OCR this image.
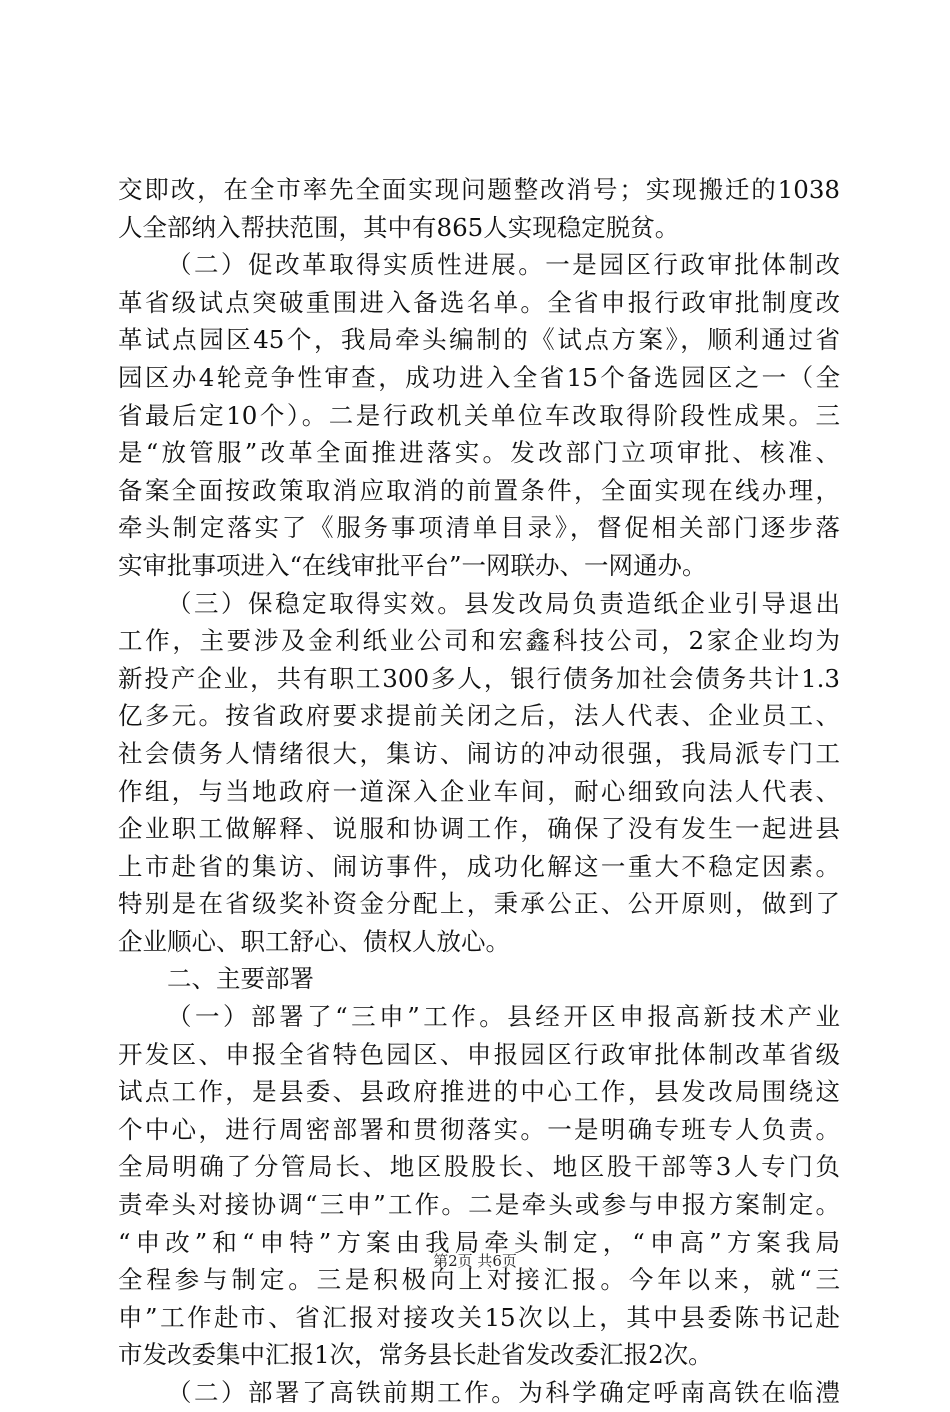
交即改，在全市率先全面实现问题整改消号；实现搬迁的1038
人全部纳入帮扶范围，其中有865人实现稳定脱贫。
（二）促改革取得实质性进展。一是园区行政审批体制改
革省级试点突破重围进入备选名单。全省申报行政审批制度改
革试点园区45个，我局牵头编制的《试点方案》，顺利通过省
园区办4轮竞争性审查，成功进入全省15个备选园区之一（全
省最后定10个）。二是行政机关单位车改取得阶段性成果。三
是“放管服”改革全面推进落实。发改部门立项审批、核准、
备案全面按政策取消应取消的前置条件，全面实现在线办理，
牵头制定落实了《服务事项清单目录》，督促相关部门逐步落
实审批事项进入“在线审批平台”一网联办、一网通办。
（三）保稳定取得实效。县发改局负责造纸企业引导退出
工作，主要涉及金利纸业公司和宏鑫科技公司，2家企业均为
新投产企业，共有职工300多人，银行债务加社会债务共计1.3
亿多元。按省政府要求提前关闭之后，法人代表、企业员工、
社会债务人情绪很大，集访、闹访的冲动很强，我局派专门工
作组，与当地政府一道深入企业车间，耐心细致向法人代表、
企业职工做解释、说服和协调工作，确保了没有发生一起进县
上市赴省的集访、闹访事件，成功化解这一重大不稳定因素。
特别是在省级奖补资金分配上，秉承公正、公开原则，做到了
企业顺心、职工舒心、债权人放心。
二、主要部署
（一）部署了“三申”工作。县经开区申报高新技术产业
开发区、申报全省特色园区、申报园区行政审批体制改革省级
试点工作，是县委、县政府推进的中心工作，县发改局围绕这
个中心，进行周密部署和贯彻落实。一是明确专班专人负责。
全局明确了分管局长、地区股股长、地区股干部等3人专门负
责牵头对接协调“三申”工作。二是牵头或参与申报方案制定。
“申改”和“申特”方案由我局牵头制定，“申高”方案我局
全程参与制定。三是积极向上对接汇报。今年以来，就“三
申”工作赴市、省汇报对接攻关15次以上，其中县委陈书记赴
市发改委集中汇报1次，常务县长赴省发改委汇报2次。
（二）部署了高铁前期工作。为科学确定呼南高铁在临澧
第2页 共6页
